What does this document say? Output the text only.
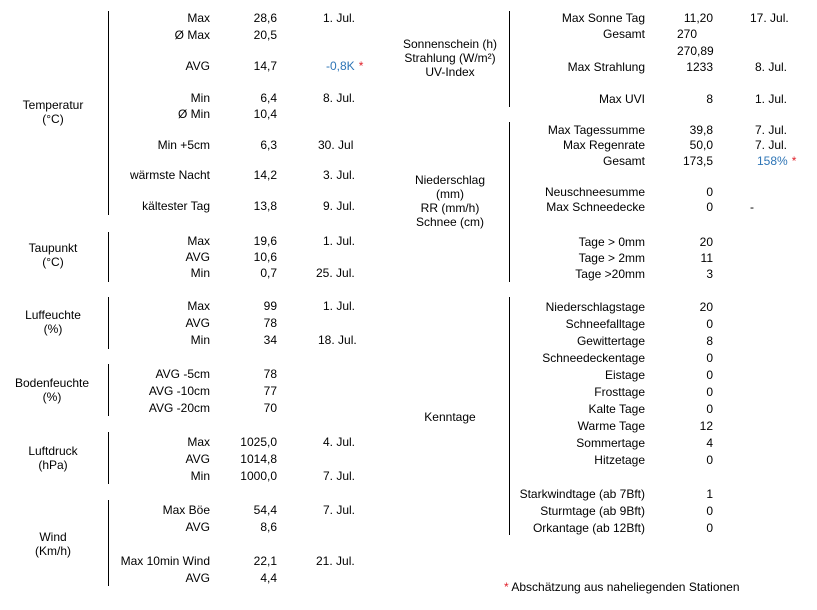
Temperatur
(°C)
Max	28,6	1. Jul.
Ø Max	20,5
AVG	14,7	-0,8K *
Min	6,4	8. Jul.
Ø Min	10,4
Min +5cm	6,3	30. Jul
wärmste Nacht	14,2	3. Jul.
kältester Tag	13,8	9. Jul.
Taupunkt
(°C)
Max	19,6	1. Jul.
AVG	10,6
Min	0,7	25. Jul.
Luffeuchte
(%)
Max	99	1. Jul.
AVG	78
Min	34	18. Jul.
Bodenfeuchte
(%)
AVG -5cm	78
AVG -10cm	77
AVG -20cm	70
Luftdruck
(hPa)
Max	1025,0	4. Jul.
AVG	1014,8
Min	1000,0	7. Jul.
Wind
(Km/h)
Max Böe	54,4	7. Jul.
AVG	8,6
Max 10min Wind	22,1	21. Jul.
AVG	4,4
Sonnenschein (h)
Strahlung (W/m²)
UV-Index
Max Sonne Tag	11,20	17. Jul.
Gesamt	270
270,89
Max Strahlung	1233	8. Jul.
Max UVI	8	1. Jul.
Niederschlag
(mm)
RR (mm/h)
Schnee (cm)
Max Tagessumme	39,8	7. Jul.
Max Regenrate	50,0	7. Jul.
Gesamt	173,5	158% *
Neuschneesumme	0
Max Schneedecke	0	-
Tage > 0mm	20
Tage > 2mm	11
Tage >20mm	3
Kenntage
Niederschlagstage	20
Schneefalltage	0
Gewittertage	8
Schneedeckentage	0
Eistage	0
Frosttage	0
Kalte Tage	0
Warme Tage	12
Sommertage	4
Hitzetage	0
Starkwindtage (ab 7Bft)	1
Sturmtage (ab 9Bft)	0
Orkantage (ab 12Bft)	0
* Abschätzung aus naheliegenden Stationen
